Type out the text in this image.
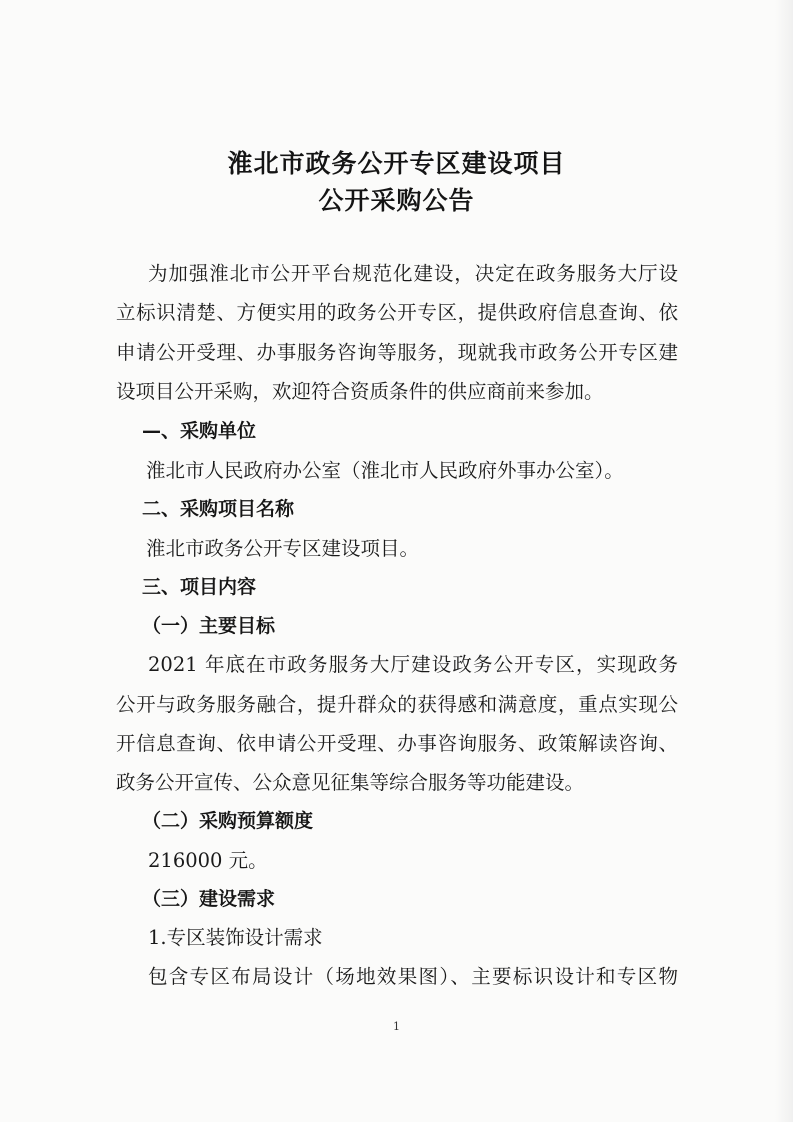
淮北市政务公开专区建设项目
公开采购公告

为加强淮北市公开平台规范化建设，决定在政务服务大厅设

立标识清楚、方便实用的政务公开专区，提供政府信息查询、依

申请公开受理、办事服务咨询等服务，现就我市政务公开专区建

设项目公开采购，欢迎符合资质条件的供应商前来参加。

—、采购单位

淮北市人民政府办公室（淮北市人民政府外事办公室）。

二、采购项目名称

淮北市政务公开专区建设项目。

三、项目内容

（一）主要目标

2021 年底在市政务服务大厅建设政务公开专区，实现政务

公开与政务服务融合，提升群众的获得感和满意度，重点实现公

开信息查询、依申请公开受理、办事咨询服务、政策解读咨询、

政务公开宣传、公众意见征集等综合服务等功能建设。

（二）采购预算额度

216000 元。

（三）建设需求

1.专区装饰设计需求

包含专区布局设计（场地效果图）、主要标识设计和专区物

1
